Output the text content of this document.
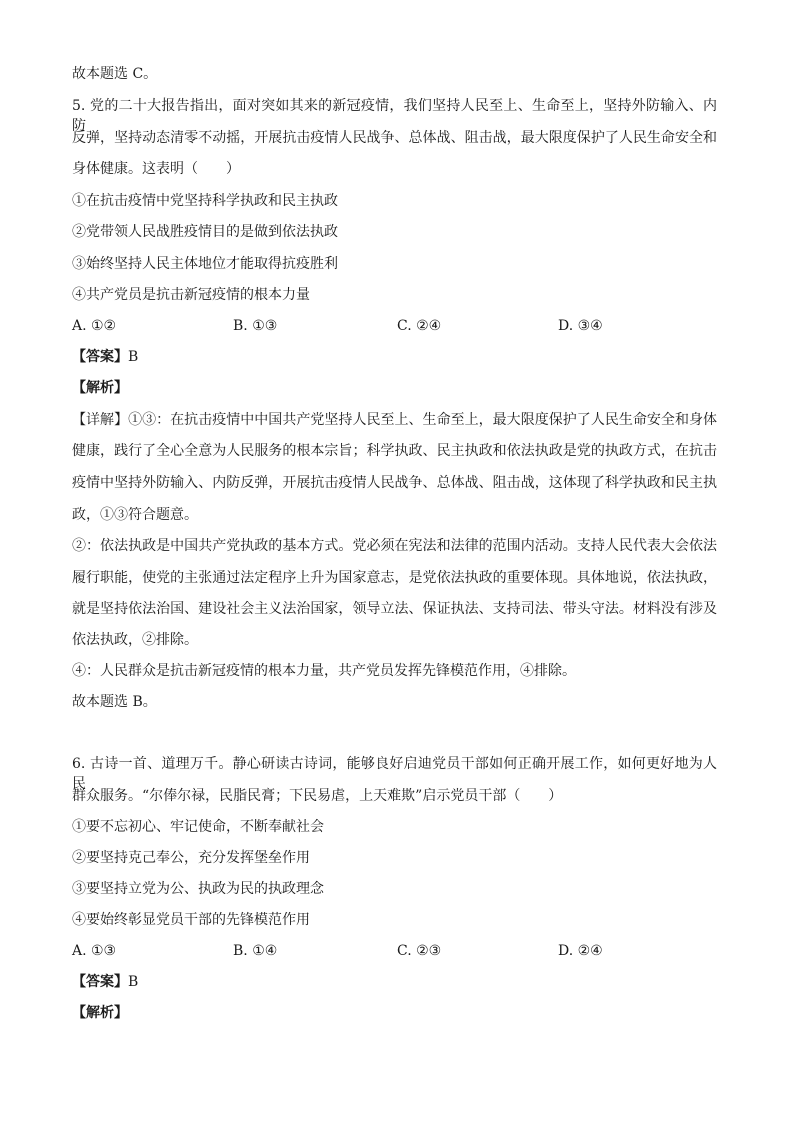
故本题选 C。
5. 党的二十大报告指出，面对突如其来的新冠疫情，我们坚持人民至上、生命至上，坚持外防输入、内防
反弹，坚持动态清零不动摇，开展抗击疫情人民战争、总体战、阻击战，最大限度保护了人民生命安全和
身体健康。这表明（　　）
①在抗击疫情中党坚持科学执政和民主执政
②党带领人民战胜疫情目的是做到依法执政
③始终坚持人民主体地位才能取得抗疫胜利
④共产党员是抗击新冠疫情的根本力量
A. ①②	B. ①③	C. ②④	D. ③④
【答案】B
【解析】
【详解】①③：在抗击疫情中中国共产党坚持人民至上、生命至上，最大限度保护了人民生命安全和身体
健康，践行了全心全意为人民服务的根本宗旨；科学执政、民主执政和依法执政是党的执政方式，在抗击
疫情中坚持外防输入、内防反弹，开展抗击疫情人民战争、总体战、阻击战，这体现了科学执政和民主执
政，①③符合题意。
②：依法执政是中国共产党执政的基本方式。党必须在宪法和法律的范围内活动。支持人民代表大会依法
履行职能，使党的主张通过法定程序上升为国家意志，是党依法执政的重要体现。具体地说，依法执政，
就是坚持依法治国、建设社会主义法治国家，领导立法、保证执法、支持司法、带头守法。材料没有涉及
依法执政，②排除。
④：人民群众是抗击新冠疫情的根本力量，共产党员发挥先锋模范作用，④排除。
故本题选 B。
6. 古诗一首、道理万千。静心研读古诗词，能够良好启迪党员干部如何正确开展工作，如何更好地为人民
群众服务。“尔俸尔禄，民脂民膏；下民易虐，上天难欺”启示党员干部（　　）
①要不忘初心、牢记使命，不断奉献社会
②要坚持克己奉公，充分发挥堡垒作用
③要坚持立党为公、执政为民的执政理念
④要始终彰显党员干部的先锋模范作用
A. ①③	B. ①④	C. ②③	D. ②④
【答案】B
【解析】
